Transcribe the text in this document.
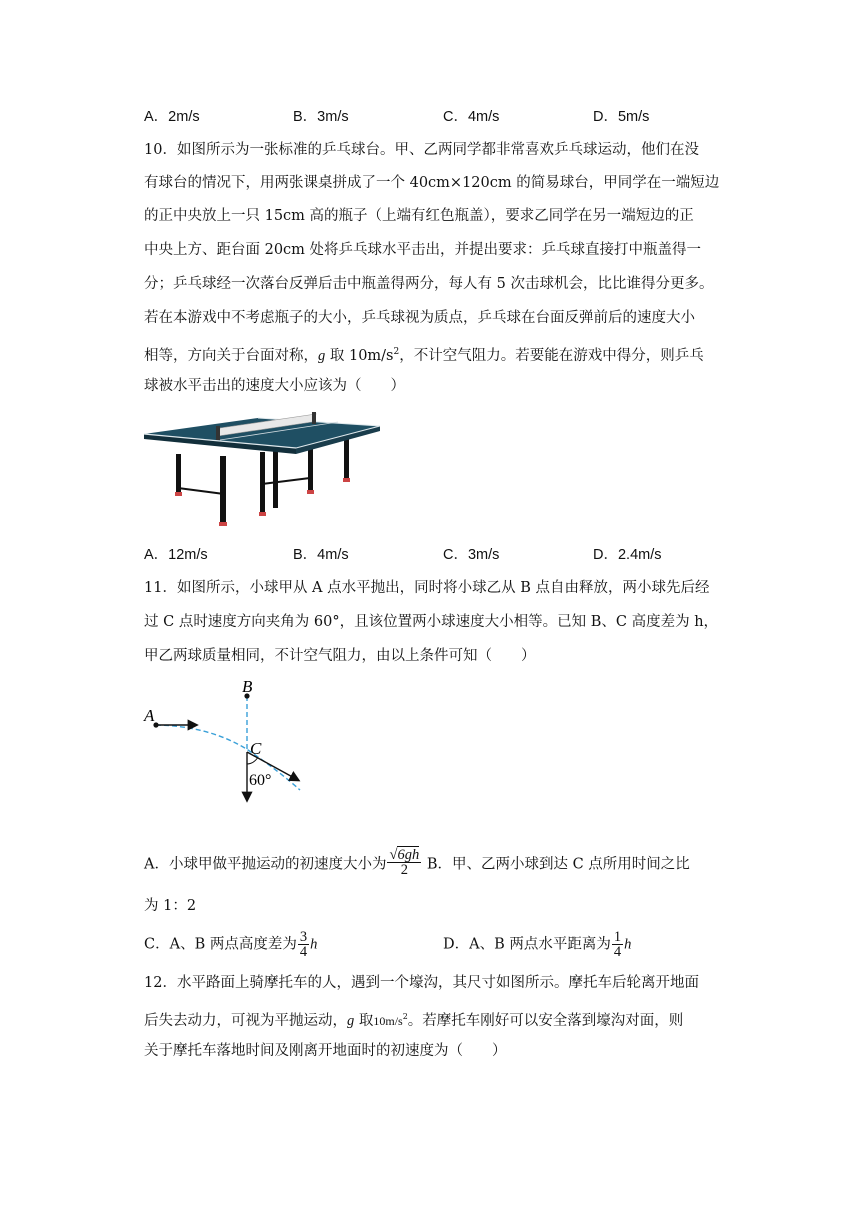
A．2m/s	B．3m/s	C．4m/s	D．5m/s
10．如图所示为一张标准的乒乓球台。甲、乙两同学都非常喜欢乒乓球运动，他们在没
有球台的情况下，用两张课桌拼成了一个 40cm×120cm 的简易球台，甲同学在一端短边
的正中央放上一只 15cm 高的瓶子（上端有红色瓶盖），要求乙同学在另一端短边的正
中央上方、距台面 20cm 处将乒乓球水平击出，并提出要求：乒乓球直接打中瓶盖得一
分；乒乓球经一次落台反弹后击中瓶盖得两分，每人有 5 次击球机会，比比谁得分更多。
若在本游戏中不考虑瓶子的大小，乒乓球视为质点，乒乓球在台面反弹前后的速度大小
相等，方向关于台面对称，g 取 $10m/s^2$，不计空气阻力。若要能在游戏中得分，则乒乓
球被水平击出的速度大小应该为（　　）
A．12m/s	B．4m/s	C．3m/s	D．2.4m/s
11．如图所示，小球甲从 A 点水平抛出，同时将小球乙从 B 点自由释放，两小球先后经
过 C 点时速度方向夹角为 60°，且该位置两小球速度大小相等。已知 B、C 高度差为 h，
甲乙两球质量相同，不计空气阻力，由以上条件可知（　　）
A
B
C
60°
A．小球甲做平抛运动的初速度大小为 $\frac{√6gh}{2}$ B．甲、乙两小球到达 C 点所用时间之比
为 1：2
C．A、B 两点高度差为 $\frac{3}{4}$ h	D．A、B 两点水平距离为 $\frac{1}{4}$ h
12．水平路面上骑摩托车的人，遇到一个壕沟，其尺寸如图所示。摩托车后轮离开地面
后失去动力，可视为平抛运动，g 取$10m/s^2$。若摩托车刚好可以安全落到壕沟对面，则
关于摩托车落地时间及刚离开地面时的初速度为（　　）
